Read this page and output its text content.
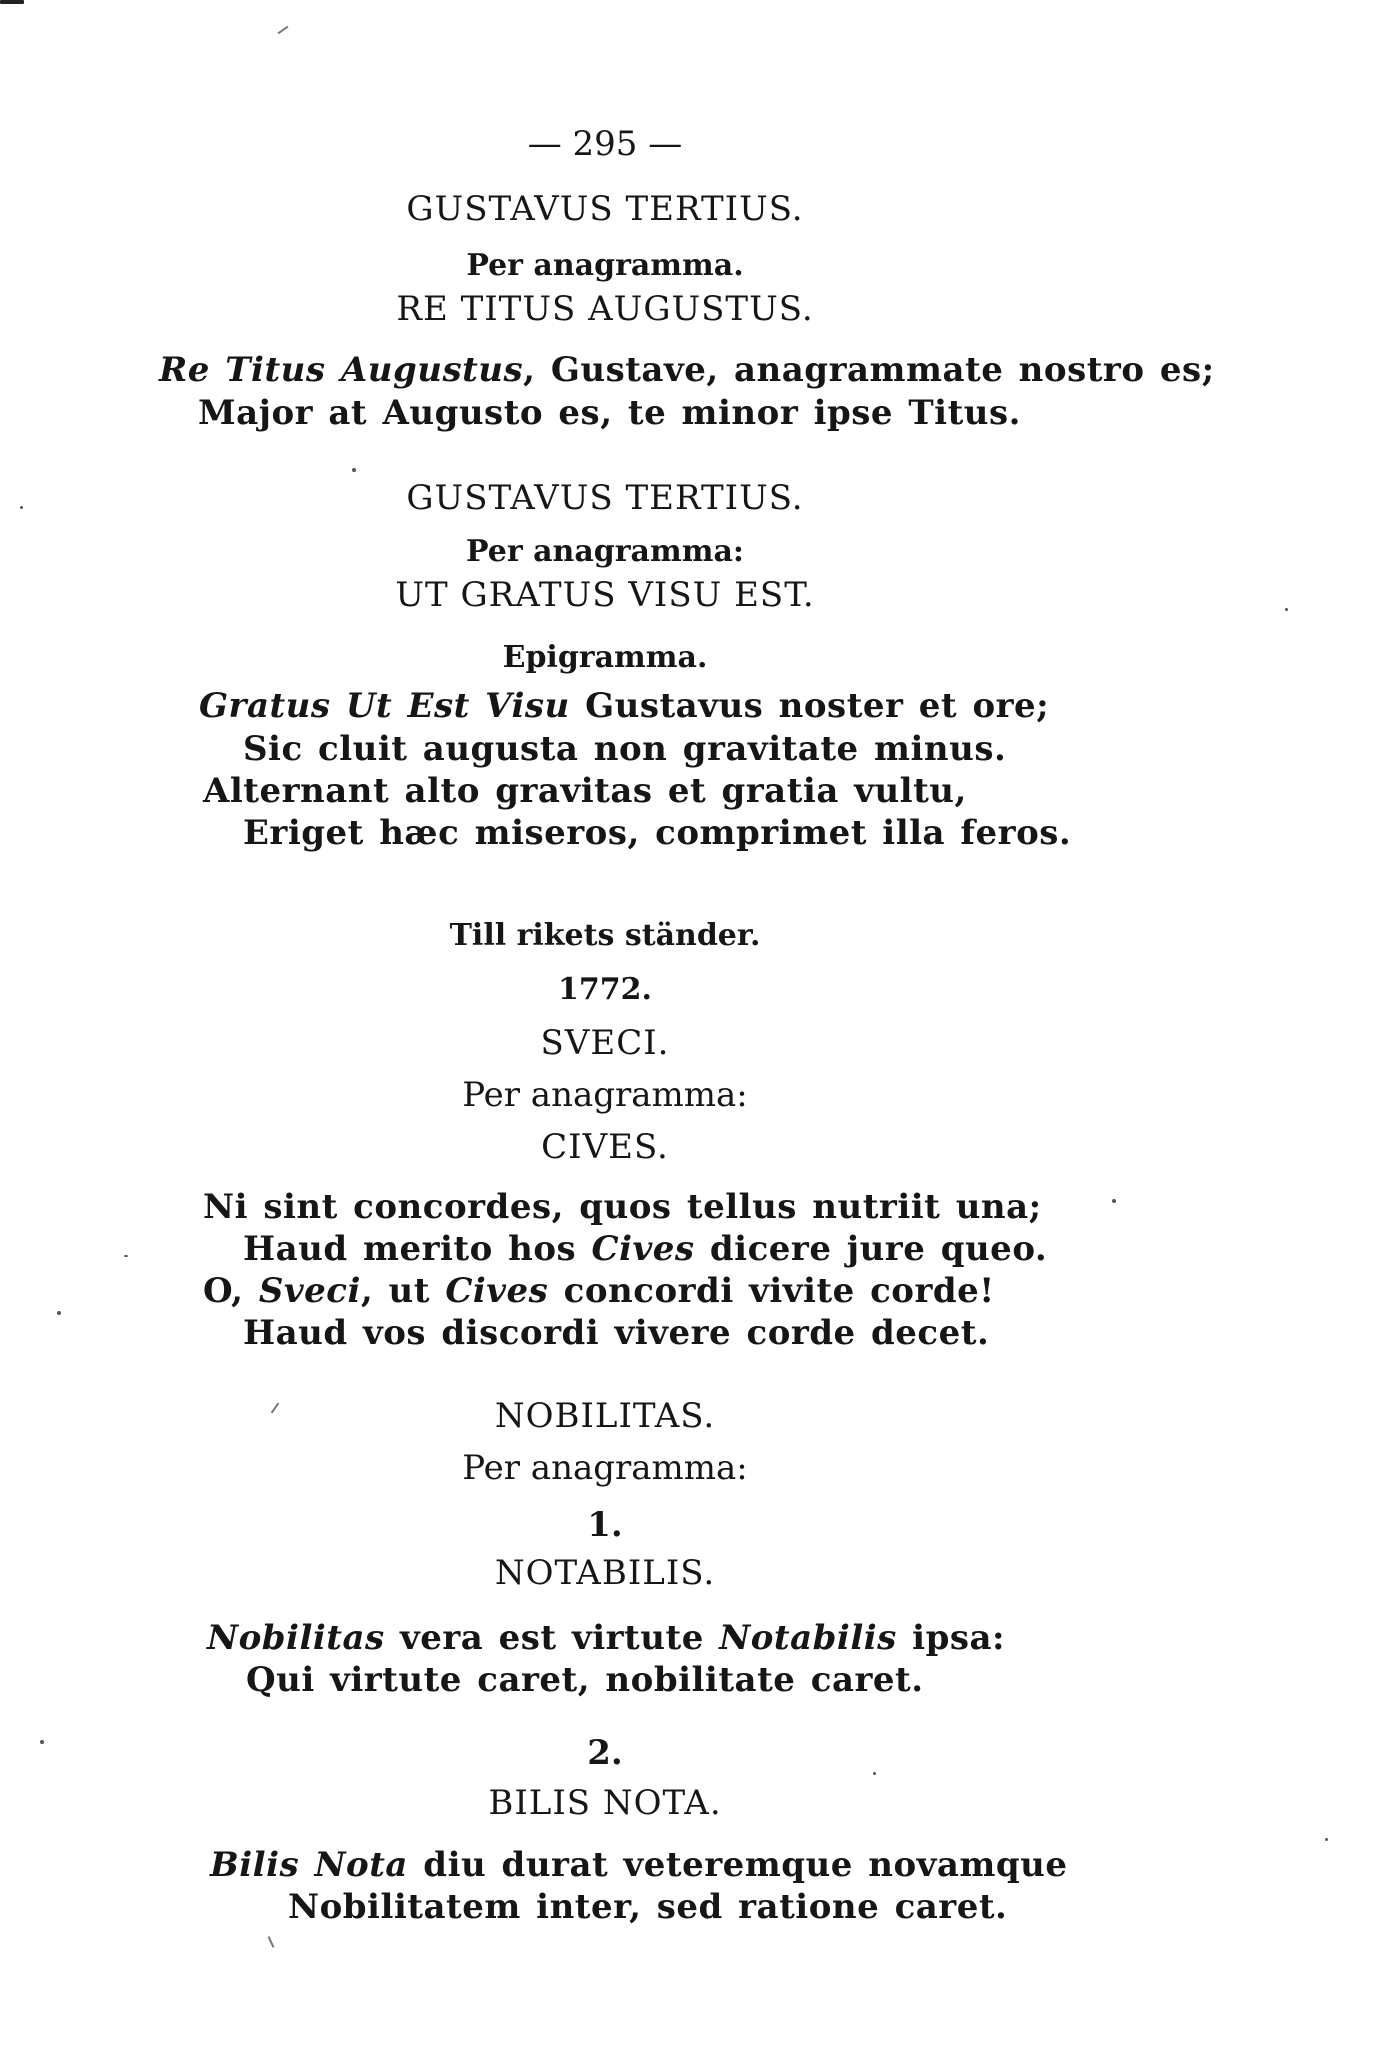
— 295 —
GUSTAVUS TERTIUS.
Per anagramma.
RE TITUS AUGUSTUS.
Re Titus Augustus, Gustave, anagrammate nostro es;
Major at Augusto es, te minor ipse Titus.
GUSTAVUS TERTIUS.
Per anagramma:
UT GRATUS VISU EST.
Epigramma.
Gratus Ut Est Visu Gustavus noster et ore;
Sic cluit augusta non gravitate minus.
Alternant alto gravitas et gratia vultu,
Eriget hæc miseros, comprimet illa feros.
Till rikets ständer.
1772.
SVECI.
Per anagramma:
CIVES.
Ni sint concordes, quos tellus nutriit una;
Haud merito hos Cives dicere jure queo.
O, Sveci, ut Cives concordi vivite corde!
Haud vos discordi vivere corde decet.
NOBILITAS.
Per anagramma:
1.
NOTABILIS.
Nobilitas vera est virtute Notabilis ipsa:
Qui virtute caret, nobilitate caret.
2.
BILIS NOTA.
Bilis Nota diu durat veteremque novamque
Nobilitatem inter, sed ratione caret.
